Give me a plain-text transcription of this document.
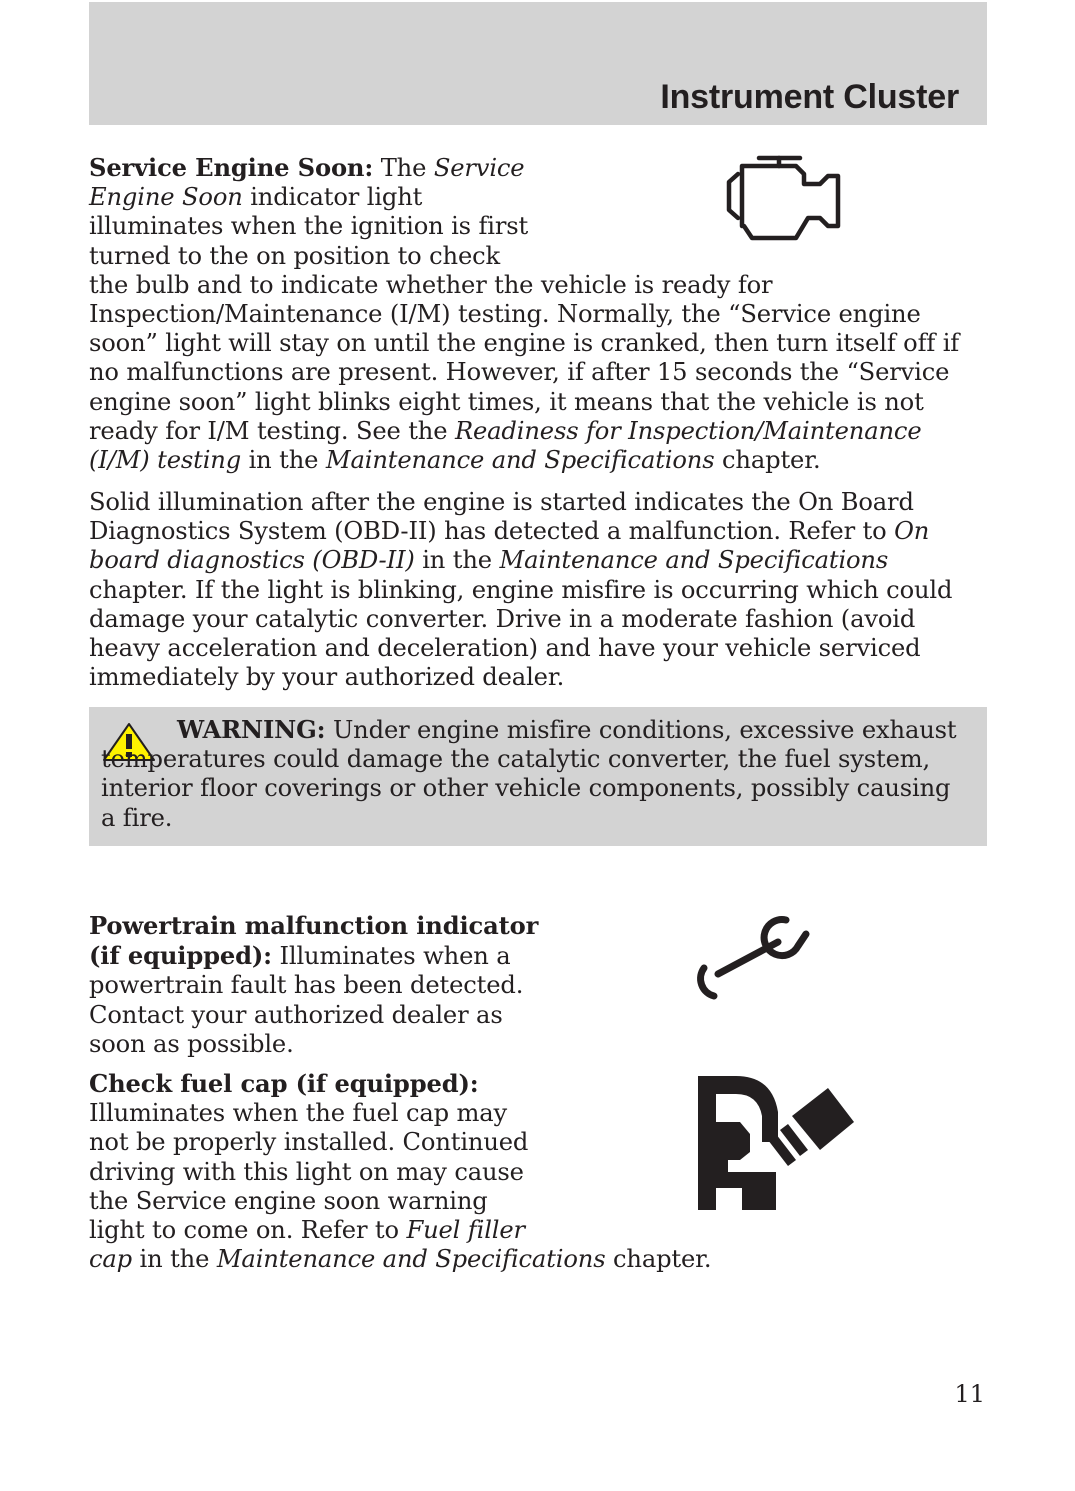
Instrument Cluster

Service Engine Soon: The Service Engine Soon indicator light illuminates when the ignition is first turned to the on position to check the bulb and to indicate whether the vehicle is ready for Inspection/Maintenance (I/M) testing. Normally, the “Service engine soon” light will stay on until the engine is cranked, then turn itself off if no malfunctions are present. However, if after 15 seconds the “Service engine soon” light blinks eight times, it means that the vehicle is not ready for I/M testing. See the Readiness for Inspection/Maintenance (I/M) testing in the Maintenance and Specifications chapter.

Solid illumination after the engine is started indicates the On Board Diagnostics System (OBD-II) has detected a malfunction. Refer to On board diagnostics (OBD-II) in the Maintenance and Specifications chapter. If the light is blinking, engine misfire is occurring which could damage your catalytic converter. Drive in a moderate fashion (avoid heavy acceleration and deceleration) and have your vehicle serviced immediately by your authorized dealer.

WARNING: Under engine misfire conditions, excessive exhaust temperatures could damage the catalytic converter, the fuel system, interior floor coverings or other vehicle components, possibly causing a fire.

Powertrain malfunction indicator (if equipped): Illuminates when a powertrain fault has been detected. Contact your authorized dealer as soon as possible.

Check fuel cap (if equipped): Illuminates when the fuel cap may not be properly installed. Continued driving with this light on may cause the Service engine soon warning light to come on. Refer to Fuel filler cap in the Maintenance and Specifications chapter.

11
